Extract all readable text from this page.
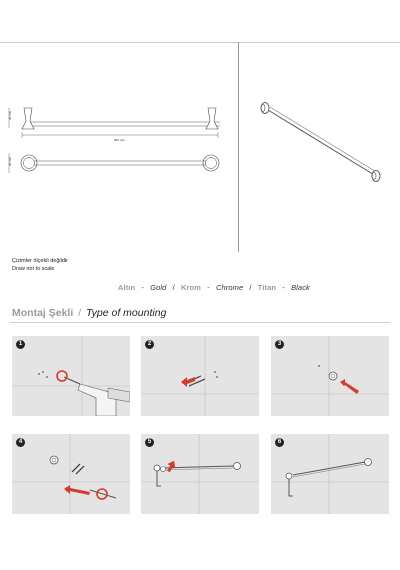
960 mm
35 mm
40 mm
Çizimler ölçekli değildir
Draw not to scale
Altın - Gold / Krom - Chrome / Titan - Black
Montaj Şekli / Type of mounting
1	2	3
4	5	6
